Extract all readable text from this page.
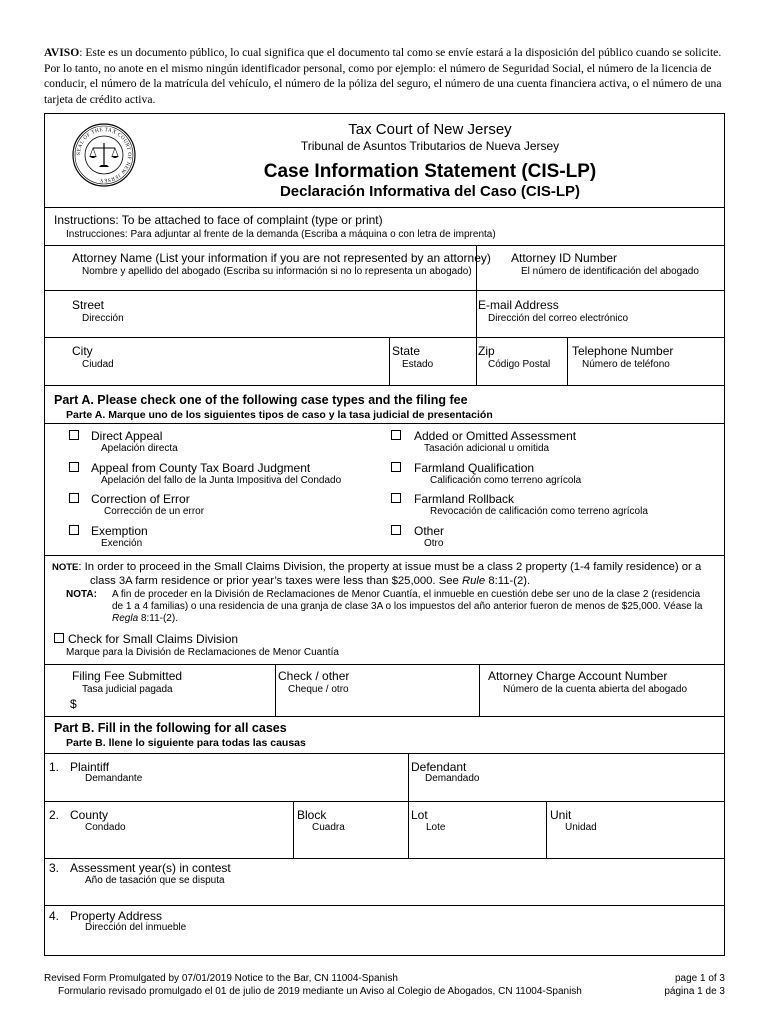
AVISO: Este es un documento público, lo cual significa que el documento tal como se envíe estará a la disposición del público cuando se solicite. Por lo tanto, no anote en el mismo ningún identificador personal, como por ejemplo: el número de Seguridad Social, el número de la licencia de conducir, el número de la matrícula del vehículo, el número de la póliza del seguro, el número de una cuenta financiera activa, o el número de una tarjeta de crédito activa.
SEAL OF THE TAX COURT OF NEW JERSEY
Tax Court of New Jersey
Tribunal de Asuntos Tributarios de Nueva Jersey
Case Information Statement (CIS-LP)
Declaración Informativa del Caso (CIS-LP)
Instructions: To be attached to face of complaint (type or print)
Instrucciones: Para adjuntar al frente de la demanda (Escriba a máquina o con letra de imprenta)
Attorney Name (List your information if you are not represented by an attorney)
Nombre y apellido del abogado (Escriba su información si no lo representa un abogado)
Attorney ID Number
El número de identificación del abogado
Street
Dirección
E-mail Address
Dirección del correo electrónico
City
Ciudad
State
Estado
Zip
Código Postal
Telephone Number
Número de teléfono
Part A. Please check one of the following case types and the filing fee
Parte A. Marque uno de los siguientes tipos de caso y la tasa judicial de presentación
Direct Appeal
Apelación directa
Added or Omitted Assessment
Tasación adicional u omitida
Appeal from County Tax Board Judgment
Apelación del fallo de la Junta Impositiva del Condado
Farmland Qualification
Calificación como terreno agrícola
Correction of Error
Corrección de un error
Farmland Rollback
Revocación de calificación como terreno agrícola
Exemption
Exención
Other
Otro
NOTE: In order to proceed in the Small Claims Division, the property at issue must be a class 2 property (1-4 family residence) or a
class 3A farm residence or prior year’s taxes were less than $25,000. See Rule 8:11-(2).
NOTA: A fin de proceder en la División de Reclamaciones de Menor Cuantía, el inmueble en cuestión debe ser uno de la clase 2 (residencia
de 1 a 4 familias) o una residencia de una granja de clase 3A o los impuestos del año anterior fueron de menos de $25,000. Véase la
Regla 8:11-(2).
Check for Small Claims Division
Marque para la División de Reclamaciones de Menor Cuantía
Filing Fee Submitted
Tasa judicial pagada
$
Check / other
Cheque / otro
Attorney Charge Account Number
Número de la cuenta abierta del abogado
Part B. Fill in the following for all cases
Parte B. llene lo siguiente para todas las causas
1. Plaintiff
Demandante
Defendant
Demandado
2. County
Condado
Block
Cuadra
Lot
Lote
Unit
Unidad
3. Assessment year(s) in contest
Año de tasación que se disputa
4. Property Address
Dirección del inmueble
Revised Form Promulgated by 07/01/2019 Notice to the Bar, CN 11004-Spanish
Formulario revisado promulgado el 01 de julio de 2019 mediante un Aviso al Colegio de Abogados, CN 11004-Spanish
page 1 of 3
página 1 de 3
